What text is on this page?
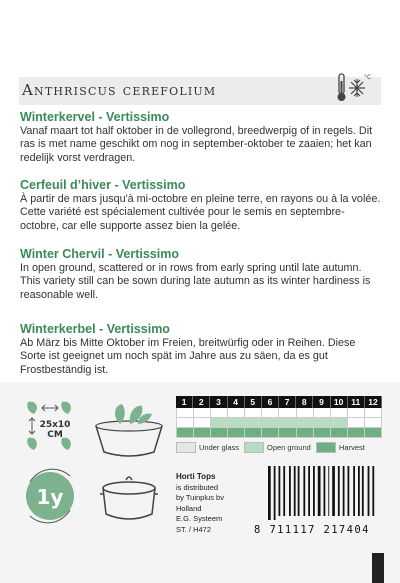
Anthriscus cerefolium
°C

Winterkervel - Vertissimo

Vanaf maart tot half oktober in de vollegrond, breedwerpig of in regels. Dit ras is met name geschikt om nog in september-oktober te zaaien; het kan redelijk vorst verdragen.

Cerfeuil d’hiver - Vertissimo

À partir de mars jusqu'à mi-octobre en pleine terre, en rayons ou à la volée. Cette variété est spécialement cultivée pour le semis en septembre-octobre, car elle supporte assez bien la gelée.

Winter Chervil - Vertissimo

In open ground, scattered or in rows from early spring until late autumn. This variety still can be sown during late autumn as its winter hardiness is reasonable well.

Winterkerbel - Vertissimo

Ab März bis Mitte Oktober im Freien, breitwürfig oder in Reihen. Diese Sorte ist geeignet um noch spät im Jahre aus zu säen, da es gut Frostbeständig ist.

25x10
CM
1y
1	2	3	4	5	6	7	8	9	10 11 12
Under glass	Open ground	Harvest
Horti Tops
is distributed
by Tuinplus bv
Holland
E.G. Systeem
ST. / H472	8 711117 217404
